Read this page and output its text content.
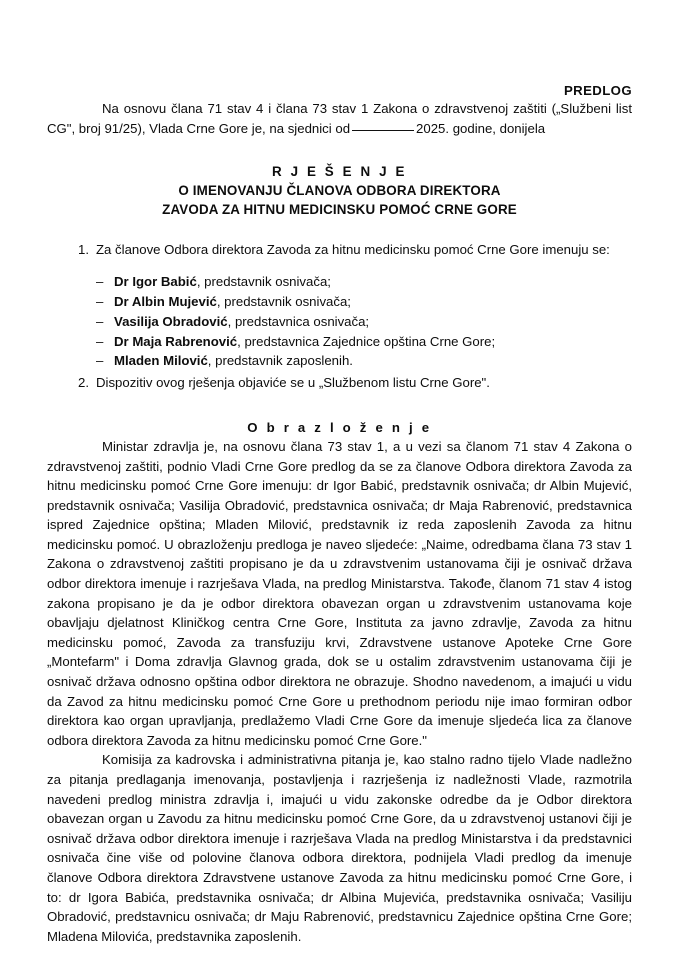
PREDLOG

Na osnovu člana 71 stav 4 i člana 73 stav 1 Zakona o zdravstvenoj zaštiti („Službeni list CG", broj 91/25), Vlada Crne Gore je, na sjednici od	2025. godine, donijela

R J E Š E N J E
O IMENOVANJU ČLANOVA ODBORA DIREKTORA
ZAVODA ZA HITNU MEDICINSKU POMOĆ CRNE GORE
Za članove Odbora direktora Zavoda za hitnu medicinsku pomoć Crne Gore imenuju se:
– Dr Igor Babić, predstavnik osnivača;
– Dr Albin Mujević, predstavnik osnivača;
– Vasilija Obradović, predstavnica osnivača;
– Dr Maja Rabrenović, predstavnica Zajednice opština Crne Gore;
– Mladen Milović, predstavnik zaposlenih.
Dispozitiv ovog rješenja objaviće se u „Službenom listu Crne Gore".
O b r a z l o ž e n j e

Ministar zdravlja je, na osnovu člana 73 stav 1, a u vezi sa članom 71 stav 4 Zakona o zdravstvenoj zaštiti, podnio Vladi Crne Gore predlog da se za članove Odbora direktora Zavoda za hitnu medicinsku pomoć Crne Gore imenuju: dr Igor Babić, predstavnik osnivača; dr Albin Mujević, predstavnik osnivača; Vasilija Obradović, predstavnica osnivača; dr Maja Rabrenović, predstavnica ispred Zajednice opština; Mladen Milović, predstavnik iz reda zaposlenih Zavoda za hitnu medicinsku pomoć. U obrazloženju predloga je naveo sljedeće: „Naime, odredbama člana 73 stav 1 Zakona o zdravstvenoj zaštiti propisano je da u zdravstvenim ustanovama čiji je osnivač država odbor direktora imenuje i razrješava Vlada, na predlog Ministarstva. Takođe, članom 71 stav 4 istog zakona propisano je da je odbor direktora obavezan organ u zdravstvenim ustanovama koje obavljaju djelatnost Kliničkog centra Crne Gore, Instituta za javno zdravlje, Zavoda za hitnu medicinsku pomoć, Zavoda za transfuziju krvi, Zdravstvene ustanove Apoteke Crne Gore „Montefarm" i Doma zdravlja Glavnog grada, dok se u ostalim zdravstvenim ustanovama čiji je osnivač država odnosno opština odbor direktora ne obrazuje. Shodno navedenom, a imajući u vidu da Zavod za hitnu medicinsku pomoć Crne Gore u prethodnom periodu nije imao formiran odbor direktora kao organ upravljanja, predlažemo Vladi Crne Gore da imenuje sljedeća lica za članove odbora direktora Zavoda za hitnu medicinsku pomoć Crne Gore."

Komisija za kadrovska i administrativna pitanja je, kao stalno radno tijelo Vlade nadležno za pitanja predlaganja imenovanja, postavljenja i razrješenja iz nadležnosti Vlade, razmotrila navedeni predlog ministra zdravlja i, imajući u vidu zakonske odredbe da je Odbor direktora obavezan organ u Zavodu za hitnu medicinsku pomoć Crne Gore, da u zdravstvenoj ustanovi čiji je osnivač država odbor direktora imenuje i razrješava Vlada na predlog Ministarstva i da predstavnici osnivača čine više od polovine članova odbora direktora, podnijela Vladi predlog da imenuje članove Odbora direktora Zdravstvene ustanove Zavoda za hitnu medicinsku pomoć Crne Gore, i to: dr Igora Babića, predstavnika osnivača; dr Albina Mujevića, predstavnika osnivača; Vasiliju Obradović, predstavnicu osnivača; dr Maju Rabrenović, predstavnicu Zajednice opština Crne Gore; Mladena Milovića, predstavnika zaposlenih.
